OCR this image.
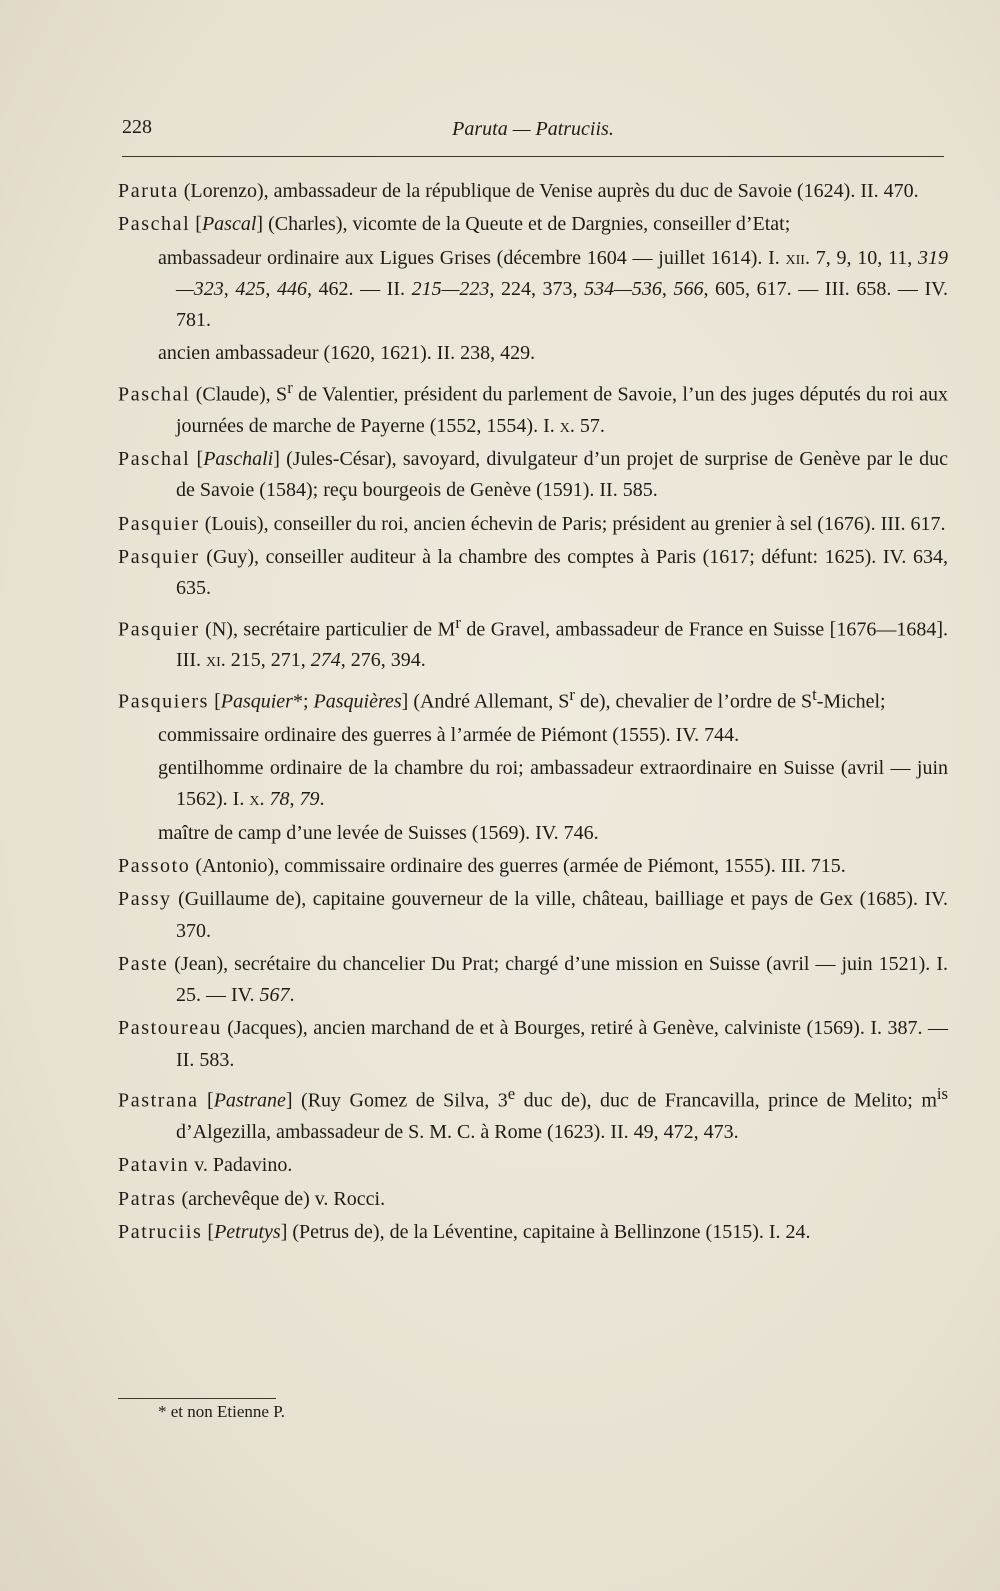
228	Paruta — Patruciis.

Paruta (Lorenzo), ambassadeur de la république de Venise auprès du duc de Savoie (1624). II. 470.

Paschal [Pascal] (Charles), vicomte de la Queute et de Dargnies, conseiller d’Etat;

ambassadeur ordinaire aux Ligues Grises (décembre 1604 — juillet 1614). I. xii. 7, 9, 10, 11, 319—323, 425, 446, 462. — II. 215—223, 224, 373, 534—536, 566, 605, 617. — III. 658. — IV. 781.

ancien ambassadeur (1620, 1621). II. 238, 429.

Paschal (Claude), $S^r$ de Valentier, président du parlement de Savoie, l’un des juges députés du roi aux journées de marche de Payerne (1552, 1554). I. x. 57.

Paschal [Paschali] (Jules-César), savoyard, divulgateur d’un projet de surprise de Genève par le duc de Savoie (1584); reçu bourgeois de Genève (1591). II. 585.

Pasquier (Louis), conseiller du roi, ancien échevin de Paris; président au grenier à sel (1676). III. 617.

Pasquier (Guy), conseiller auditeur à la chambre des comptes à Paris (1617; défunt: 1625). IV. 634, 635.

Pasquier (N), secrétaire particulier de $M^r$ de Gravel, ambassadeur de France en Suisse [1676—1684]. III. xi. 215, 271, 274, 276, 394.

Pasquiers [Pasquier*; Pasquières] (André Allemant, $S^r$ de), chevalier de l’ordre de $S^t$-Michel;

commissaire ordinaire des guerres à l’armée de Piémont (1555). IV. 744.

gentilhomme ordinaire de la chambre du roi; ambassadeur extraordinaire en Suisse (avril — juin 1562). I. x. 78, 79.

maître de camp d’une levée de Suisses (1569). IV. 746.

Passoto (Antonio), commissaire ordinaire des guerres (armée de Piémont, 1555). III. 715.

Passy (Guillaume de), capitaine gouverneur de la ville, château, bailliage et pays de Gex (1685). IV. 370.

Paste (Jean), secrétaire du chancelier Du Prat; chargé d’une mission en Suisse (avril — juin 1521). I. 25. — IV. 567.

Pastoureau (Jacques), ancien marchand de et à Bourges, retiré à Genève, calviniste (1569). I. 387. — II. 583.

Pastrana [Pastrane] (Ruy Gomez de Silva, 3e duc de), duc de Francavilla, prince de Melito; $m^{is}$ d’Algezilla, ambassadeur de S. M. C. à Rome (1623). II. 49, 472, 473.

Patavin v. Padavino.

Patras (archevêque de) v. Rocci.

Patruciis [Petrutys] (Petrus de), de la Léventine, capitaine à Bellinzone (1515). I. 24.

* et non Etienne P.
